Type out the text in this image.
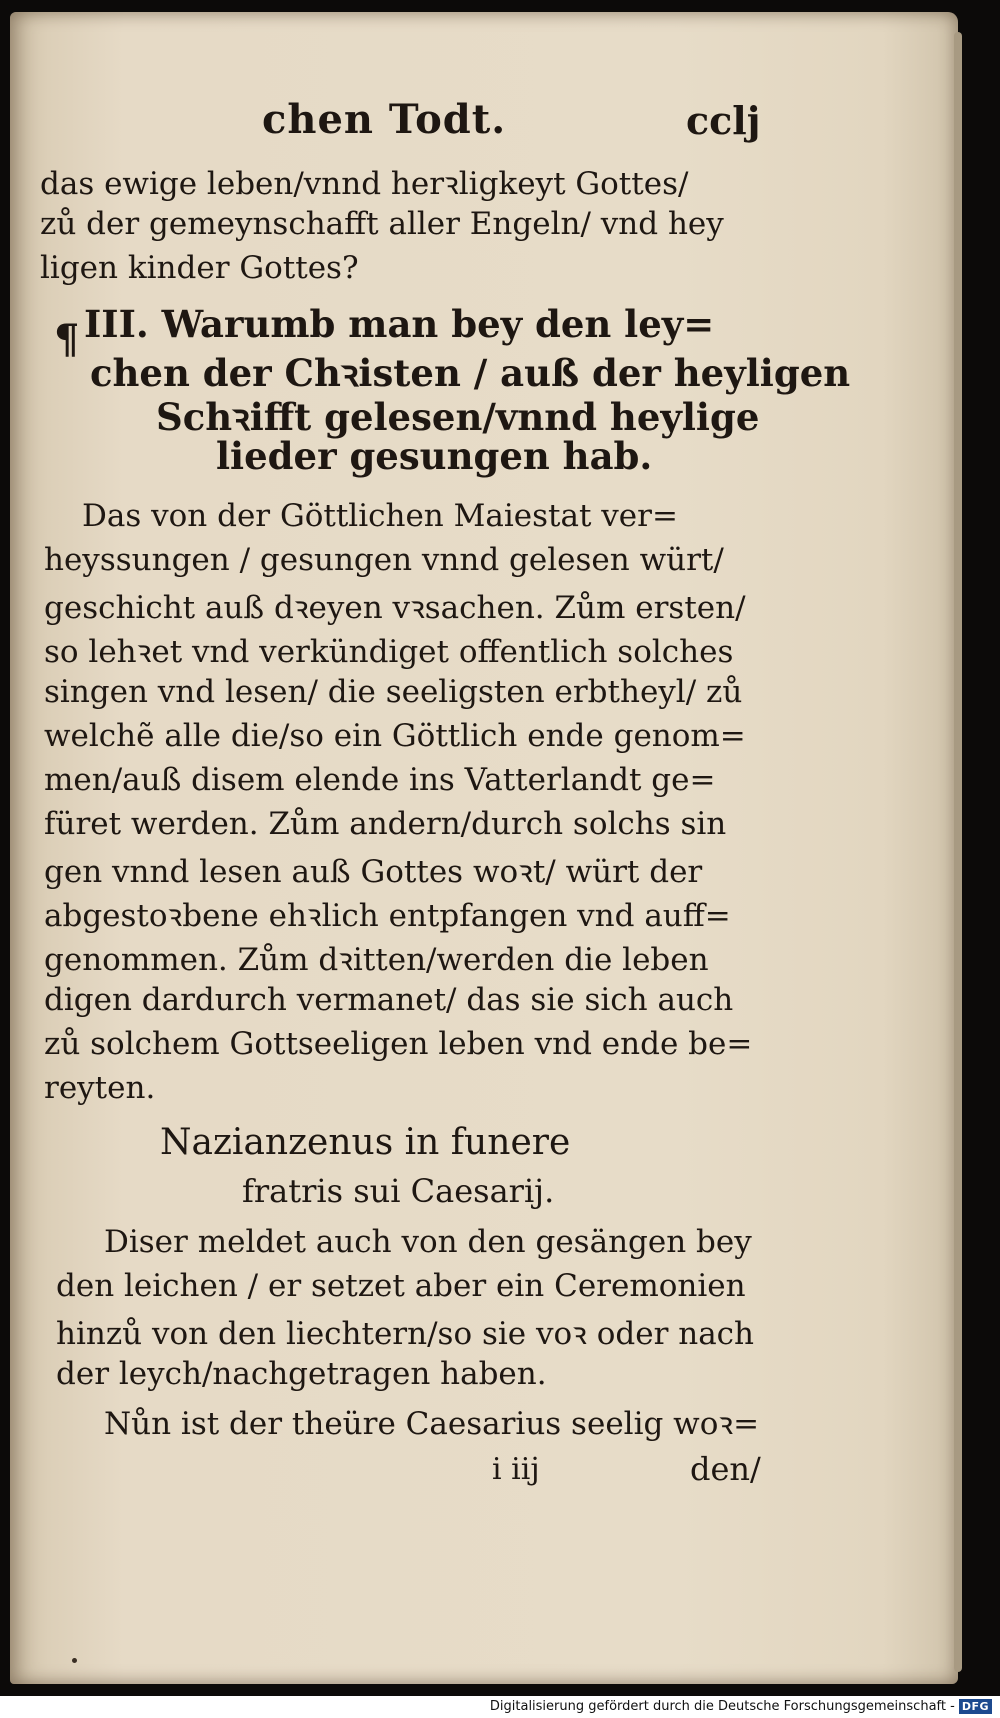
chen Todt.	cclj
das ewige leben/vnnd herꝛligkeyt Gottes/
zů der gemeynschafft aller Engeln/ vnd hey
ligen kinder Gottes?
¶ III. Warumb man bey den ley=
chen der Chꝛisten / auß der heyligen
Schꝛifft gelesen/vnnd heylige
lieder gesungen hab.
Das von der Göttlichen Maiestat ver=
heyssungen / gesungen vnnd gelesen würt/
geschicht auß dꝛeyen vꝛsachen. Zům ersten/
so lehꝛet vnd verkündiget offentlich solches
singen vnd lesen/ die seeligsten erbtheyl/ zů
welchẽ alle die/so ein Göttlich ende genom=
men/auß disem elende ins Vatterlandt ge=
füret werden. Zům andern/durch solchs sin
gen vnnd lesen auß Gottes woꝛt/ würt der
abgestoꝛbene ehꝛlich entpfangen vnd auff=
genommen. Zům dꝛitten/werden die leben
digen dardurch vermanet/ das sie sich auch
zů solchem Gottseeligen leben vnd ende be=
reyten.
Nazianzenus in funere
fratris sui Caesarij.
Diser meldet auch von den gesängen bey
den leichen / er setzet aber ein Ceremonien
hinzů von den liechtern/so sie voꝛ oder nach
der leych/nachgetragen haben.
Nůn ist der theüre Caesarius seelig woꝛ=
i iij	den/
Digitalisierung gefördert durch die Deutsche Forschungsgemeinschaft - DFG
